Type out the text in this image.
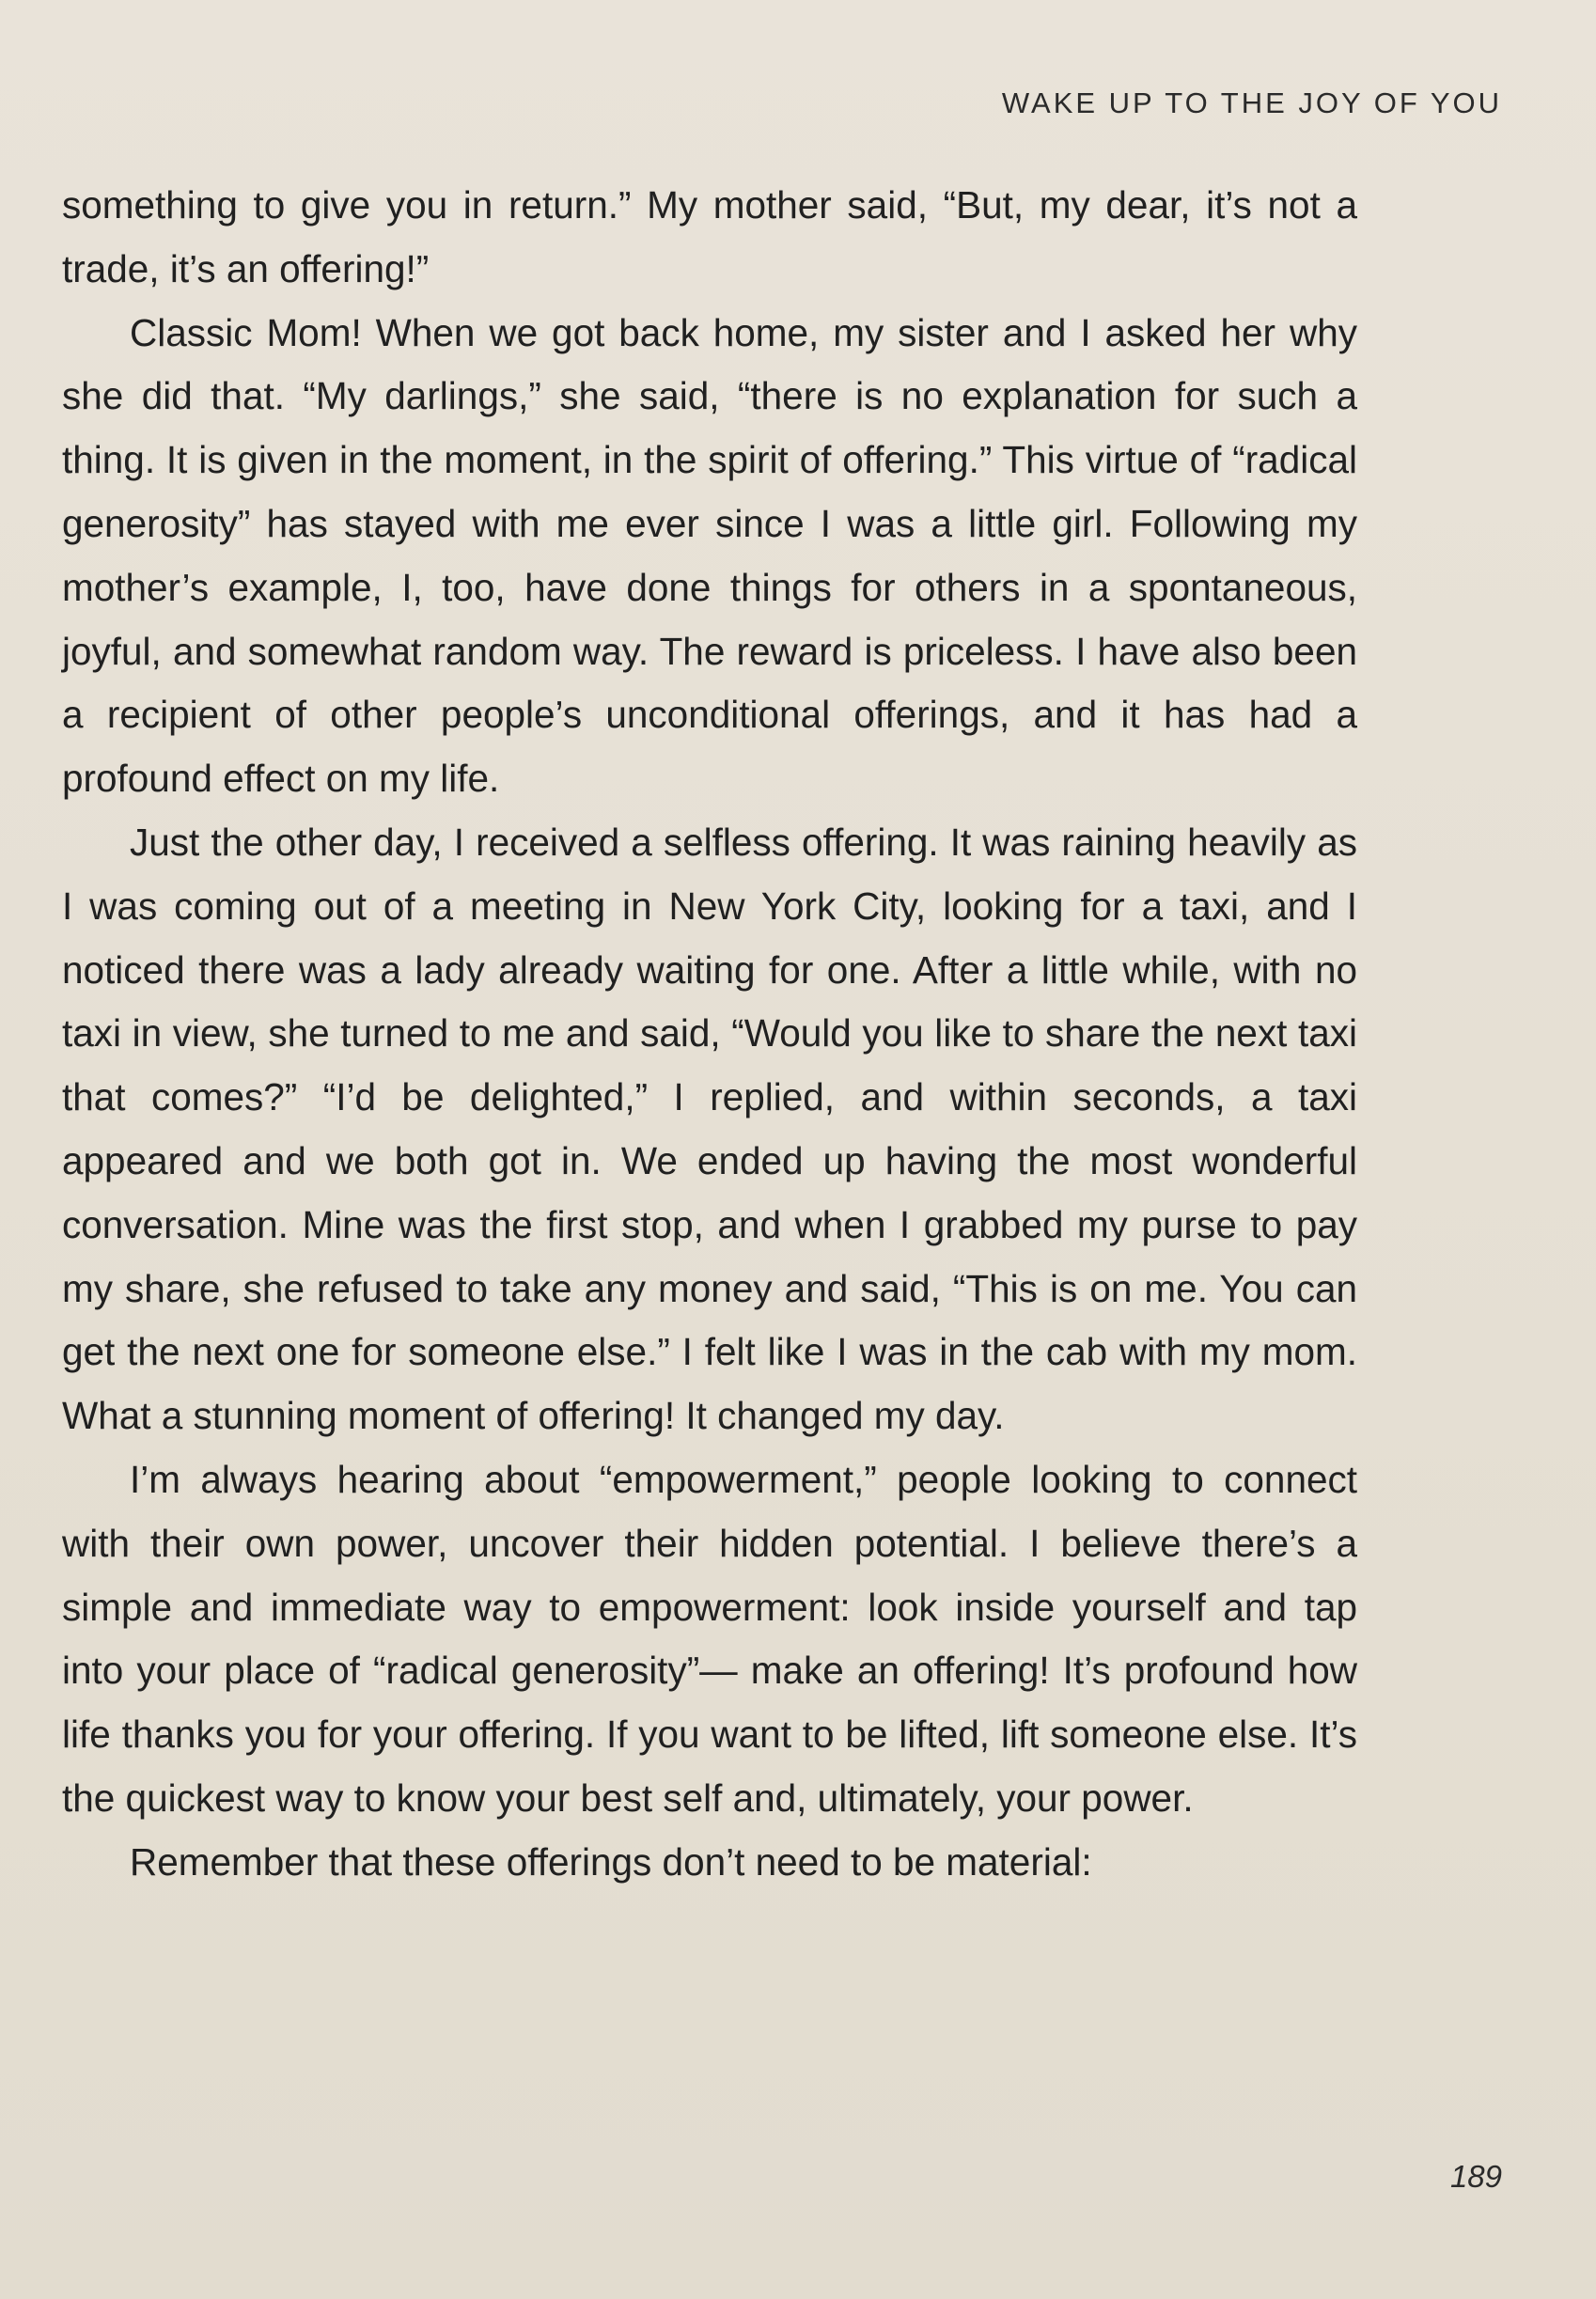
WAKE UP TO THE JOY OF YOU

something to give you in return.” My mother said, “But, my dear, it’s not a trade, it’s an offering!”

Classic Mom! When we got back home, my sister and I asked her why she did that. “My darlings,” she said, “there is no explanation for such a thing. It is given in the moment, in the spirit of offering.” This virtue of “radical generosity” has stayed with me ever since I was a little girl. Following my mother’s example, I, too, have done things for others in a spontaneous, joyful, and somewhat random way. The reward is priceless. I have also been a recipient of other people’s unconditional offerings, and it has had a profound effect on my life.

Just the other day, I received a selfless offering. It was raining heavily as I was coming out of a meeting in New York City, looking for a taxi, and I noticed there was a lady already waiting for one. After a little while, with no taxi in view, she turned to me and said, “Would you like to share the next taxi that comes?” “I’d be delighted,” I replied, and within seconds, a taxi appeared and we both got in. We ended up having the most wonderful conversation. Mine was the first stop, and when I grabbed my purse to pay my share, she refused to take any money and said, “This is on me. You can get the next one for someone else.” I felt like I was in the cab with my mom. What a stunning moment of offering! It changed my day.

I’m always hearing about “empowerment,” people looking to connect with their own power, uncover their hidden potential. I believe there’s a simple and immediate way to empowerment: look inside yourself and tap into your place of “radical generosity”— make an offering! It’s profound how life thanks you for your offering. If you want to be lifted, lift someone else. It’s the quickest way to know your best self and, ultimately, your power.

Remember that these offerings don’t need to be material:

189
